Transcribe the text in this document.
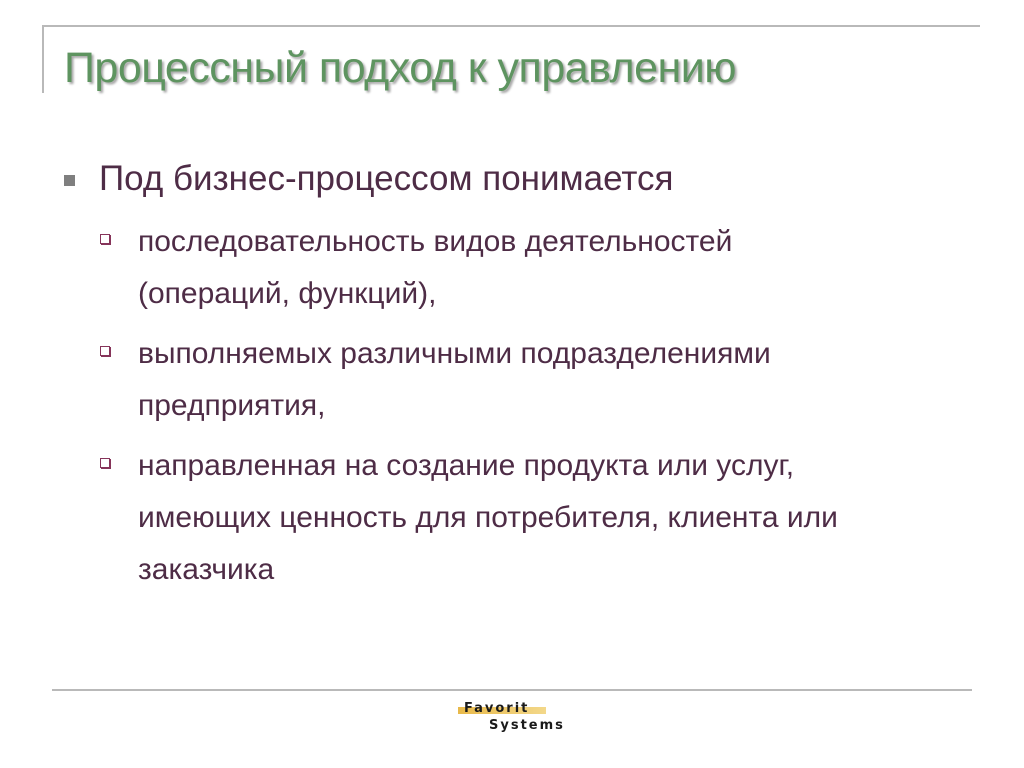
Процессный подход к управлению
Под бизнес-процессом понимается
последовательность видов деятельностей
(операций, функций),
выполняемых различными подразделениями
предприятия,
направленная на создание продукта или услуг,
имеющих ценность для потребителя, клиента или
заказчика
Favorit
Systems
